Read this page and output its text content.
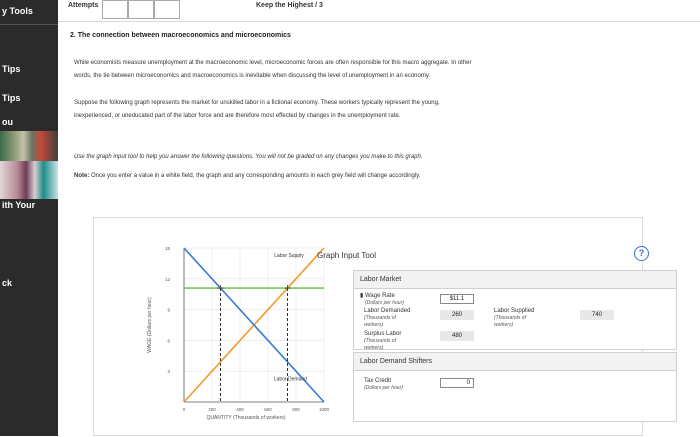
y Tools
Tips
Tips
ou
ith Your
ck
Attempts	Keep the Highest / 3
2. The connection between macroeconomics and microeconomics
While economists measure unemployment at the macroeconomic level, microeconomic forces are often responsible for this macro aggregate. In other
words, the tie between microeconomics and macroeconomics is inevitable when discussing the level of unemployment in an economy.
Suppose the following graph represents the market for unskilled labor in a fictional economy. These workers typically represent the young,
inexperienced, or uneducated part of the labor force and are therefore most effected by changes in the unemployment rate.
Use the graph input tool to help you answer the following questions. You will not be graded on any changes you make to this graph.
Note: Once you enter a value in a white field, the graph and any corresponding amounts in each grey field will change accordingly.
3
6
9
12
15
0	200	400	600	800	1000
WAGE (Dollars per hour)
QUANTITY (Thousands of workers)
Labor Supply
Labor Demand
Graph Input Tool	?
Labor Market
▮ Wage Rate
(Dollars per hour)
$11.1
Labor Demanded
(Thousands of
workers)
260
Labor Supplied
(Thousands of
workers)
740
Surplus Labor
(Thousands of
workers)
480
Labor Demand Shifters
Tax Credit
(Dollars per hour)
0
